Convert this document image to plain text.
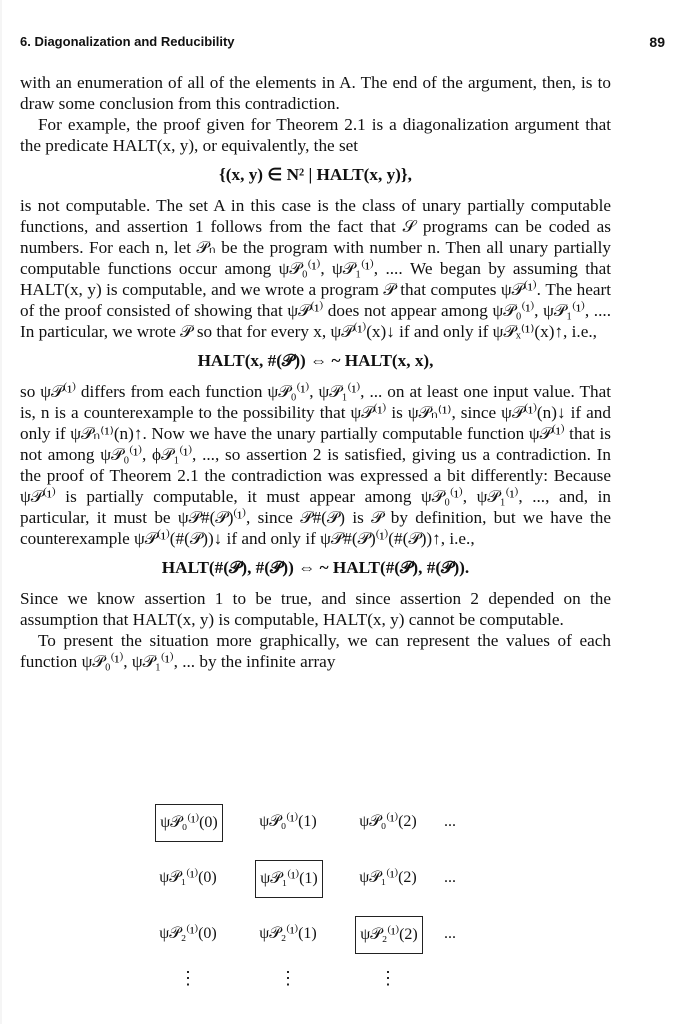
6. Diagonalization and Reducibility	89

with an enumeration of all of the elements in A. The end of the argument, then, is to draw some conclusion from this contradiction.

For example, the proof given for Theorem 2.1 is a diagonalization argument that the predicate HALT(x, y), or equivalently, the set

{(x, y) ∈ N² | HALT(x, y)},

is not computable. The set A in this case is the class of unary partially computable functions, and assertion 1 follows from the fact that 𝒮 programs can be coded as numbers. For each n, let 𝒫ₙ be the program with number n. Then all unary partially computable functions occur among ψ𝒫₀⁽¹⁾, ψ𝒫₁⁽¹⁾, .... We began by assuming that HALT(x, y) is computable, and we wrote a program 𝒫 that computes ψ𝒫⁽¹⁾. The heart of the proof consisted of showing that ψ𝒫⁽¹⁾ does not appear among ψ𝒫₀⁽¹⁾, ψ𝒫₁⁽¹⁾, .... In particular, we wrote 𝒫 so that for every x, ψ𝒫⁽¹⁾(x)↓ if and only if ψ𝒫ₓ⁽¹⁾(x)↑, i.e.,

HALT(x, #(𝒫)) ⇔ ~ HALT(x, x),

so ψ𝒫⁽¹⁾ differs from each function ψ𝒫₀⁽¹⁾, ψ𝒫₁⁽¹⁾, ... on at least one input value. That is, n is a counterexample to the possibility that ψ𝒫⁽¹⁾ is ψ𝒫ₙ⁽¹⁾, since ψ𝒫⁽¹⁾(n)↓ if and only if ψ𝒫ₙ⁽¹⁾(n)↑. Now we have the unary partially computable function ψ𝒫⁽¹⁾ that is not among ψ𝒫₀⁽¹⁾, ϕ𝒫₁⁽¹⁾, ..., so assertion 2 is satisfied, giving us a contradiction. In the proof of Theorem 2.1 the contradiction was expressed a bit differently: Because ψ𝒫⁽¹⁾ is partially computable, it must appear among ψ𝒫₀⁽¹⁾, ψ𝒫₁⁽¹⁾, ..., and, in particular, it must be ψ𝒫#(𝒫)⁽¹⁾, since 𝒫#(𝒫) is 𝒫 by definition, but we have the counterexample ψ𝒫⁽¹⁾(#(𝒫))↓ if and only if ψ𝒫#(𝒫)⁽¹⁾(#(𝒫))↑, i.e.,

HALT(#(𝒫), #(𝒫)) ⇔ ~ HALT(#(𝒫), #(𝒫)).

Since we know assertion 1 to be true, and since assertion 2 depended on the assumption that HALT(x, y) is computable, HALT(x, y) cannot be computable.

To present the situation more graphically, we can represent the values of each function ψ𝒫₀⁽¹⁾, ψ𝒫₁⁽¹⁾, ... by the infinite array

ψ𝒫₀⁽¹⁾(0)	ψ𝒫₀⁽¹⁾(1)	ψ𝒫₀⁽¹⁾(2)	...
ψ𝒫₁⁽¹⁾(0)	ψ𝒫₁⁽¹⁾(1)	ψ𝒫₁⁽¹⁾(2)	...
ψ𝒫₂⁽¹⁾(0)	ψ𝒫₂⁽¹⁾(1)	ψ𝒫₂⁽¹⁾(2)	...
⋮	⋮	⋮
